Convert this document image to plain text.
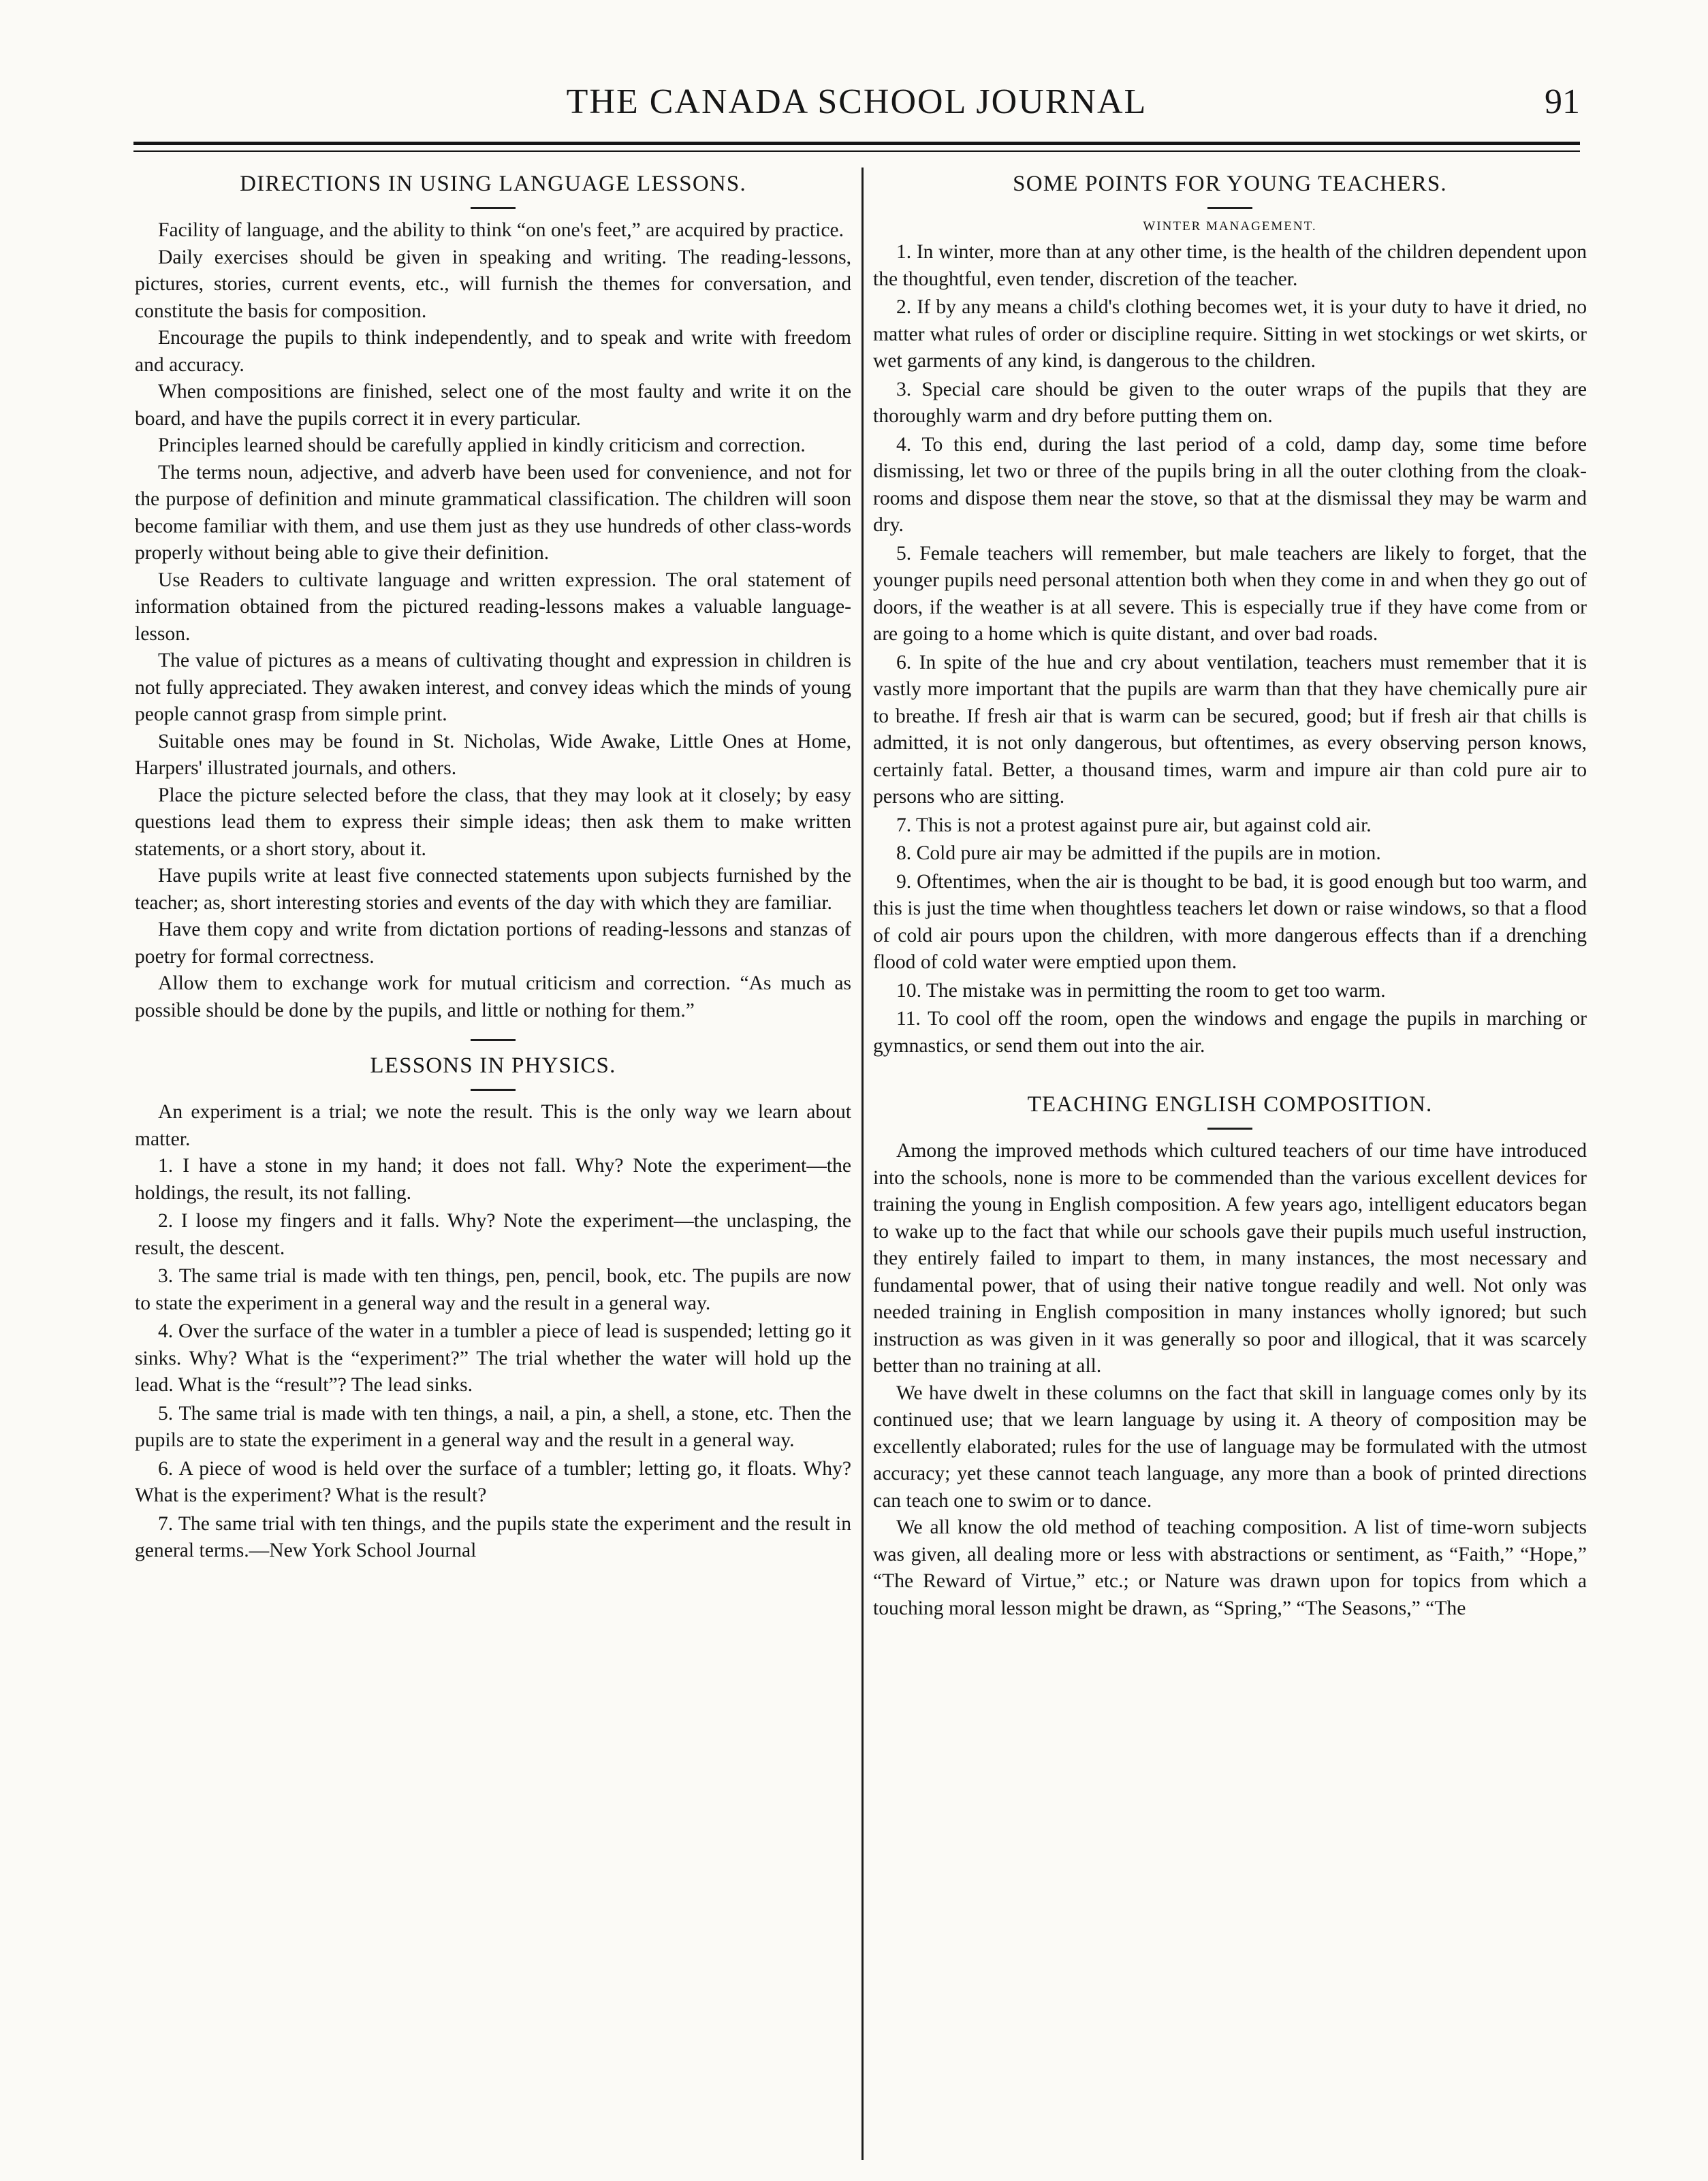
THE CANADA SCHOOL JOURNAL	91
DIRECTIONS IN USING LANGUAGE LESSONS.

Facility of language, and the ability to think “on one's feet,” are acquired by practice.

Daily exercises should be given in speaking and writing. The reading-lessons, pictures, stories, current events, etc., will furnish the themes for conversation, and constitute the basis for composition.

Encourage the pupils to think independently, and to speak and write with freedom and accuracy.

When compositions are finished, select one of the most faulty and write it on the board, and have the pupils correct it in every particular.

Principles learned should be carefully applied in kindly criticism and correction.

The terms noun, adjective, and adverb have been used for convenience, and not for the purpose of definition and minute grammatical classification. The children will soon become familiar with them, and use them just as they use hundreds of other class-words properly without being able to give their definition.

Use Readers to cultivate language and written expression. The oral statement of information obtained from the pictured reading-lessons makes a valuable language-lesson.

The value of pictures as a means of cultivating thought and expression in children is not fully appreciated. They awaken interest, and convey ideas which the minds of young people cannot grasp from simple print.

Suitable ones may be found in St. Nicholas, Wide Awake, Little Ones at Home, Harpers' illustrated journals, and others.

Place the picture selected before the class, that they may look at it closely; by easy questions lead them to express their simple ideas; then ask them to make written statements, or a short story, about it.

Have pupils write at least five connected statements upon subjects furnished by the teacher; as, short interesting stories and events of the day with which they are familiar.

Have them copy and write from dictation portions of reading-lessons and stanzas of poetry for formal correctness.

Allow them to exchange work for mutual criticism and correction. “As much as possible should be done by the pupils, and little or nothing for them.”

LESSONS IN PHYSICS.

An experiment is a trial; we note the result. This is the only way we learn about matter.

1. I have a stone in my hand; it does not fall. Why? Note the experiment—the holdings, the result, its not falling.

2. I loose my fingers and it falls. Why? Note the experiment—the unclasping, the result, the descent.

3. The same trial is made with ten things, pen, pencil, book, etc. The pupils are now to state the experiment in a general way and the result in a general way.

4. Over the surface of the water in a tumbler a piece of lead is suspended; letting go it sinks. Why? What is the “experiment?” The trial whether the water will hold up the lead. What is the “result”? The lead sinks.

5. The same trial is made with ten things, a nail, a pin, a shell, a stone, etc. Then the pupils are to state the experiment in a general way and the result in a general way.

6. A piece of wood is held over the surface of a tumbler; letting go, it floats. Why? What is the experiment? What is the result?

7. The same trial with ten things, and the pupils state the experiment and the result in general terms.—New York School Journal

SOME POINTS FOR YOUNG TEACHERS.
WINTER MANAGEMENT.

1. In winter, more than at any other time, is the health of the children dependent upon the thoughtful, even tender, discretion of the teacher.

2. If by any means a child's clothing becomes wet, it is your duty to have it dried, no matter what rules of order or discipline require. Sitting in wet stockings or wet skirts, or wet garments of any kind, is dangerous to the children.

3. Special care should be given to the outer wraps of the pupils that they are thoroughly warm and dry before putting them on.

4. To this end, during the last period of a cold, damp day, some time before dismissing, let two or three of the pupils bring in all the outer clothing from the cloak-rooms and dispose them near the stove, so that at the dismissal they may be warm and dry.

5. Female teachers will remember, but male teachers are likely to forget, that the younger pupils need personal attention both when they come in and when they go out of doors, if the weather is at all severe. This is especially true if they have come from or are going to a home which is quite distant, and over bad roads.

6. In spite of the hue and cry about ventilation, teachers must remember that it is vastly more important that the pupils are warm than that they have chemically pure air to breathe. If fresh air that is warm can be secured, good; but if fresh air that chills is admitted, it is not only dangerous, but oftentimes, as every observing person knows, certainly fatal. Better, a thousand times, warm and impure air than cold pure air to persons who are sitting.

7. This is not a protest against pure air, but against cold air.

8. Cold pure air may be admitted if the pupils are in motion.

9. Oftentimes, when the air is thought to be bad, it is good enough but too warm, and this is just the time when thoughtless teachers let down or raise windows, so that a flood of cold air pours upon the children, with more dangerous effects than if a drenching flood of cold water were emptied upon them.

10. The mistake was in permitting the room to get too warm.

11. To cool off the room, open the windows and engage the pupils in marching or gymnastics, or send them out into the air.

TEACHING ENGLISH COMPOSITION.

Among the improved methods which cultured teachers of our time have introduced into the schools, none is more to be commended than the various excellent devices for training the young in English composition. A few years ago, intelligent educators began to wake up to the fact that while our schools gave their pupils much useful instruction, they entirely failed to impart to them, in many instances, the most necessary and fundamental power, that of using their native tongue readily and well. Not only was needed training in English composition in many instances wholly ignored; but such instruction as was given in it was generally so poor and illogical, that it was scarcely better than no training at all.

We have dwelt in these columns on the fact that skill in language comes only by its continued use; that we learn language by using it. A theory of composition may be excellently elaborated; rules for the use of language may be formulated with the utmost accuracy; yet these cannot teach language, any more than a book of printed directions can teach one to swim or to dance.

We all know the old method of teaching composition. A list of time-worn subjects was given, all dealing more or less with abstractions or sentiment, as “Faith,” “Hope,” “The Reward of Virtue,” etc.; or Nature was drawn upon for topics from which a touching moral lesson might be drawn, as “Spring,” “The Seasons,” “The
